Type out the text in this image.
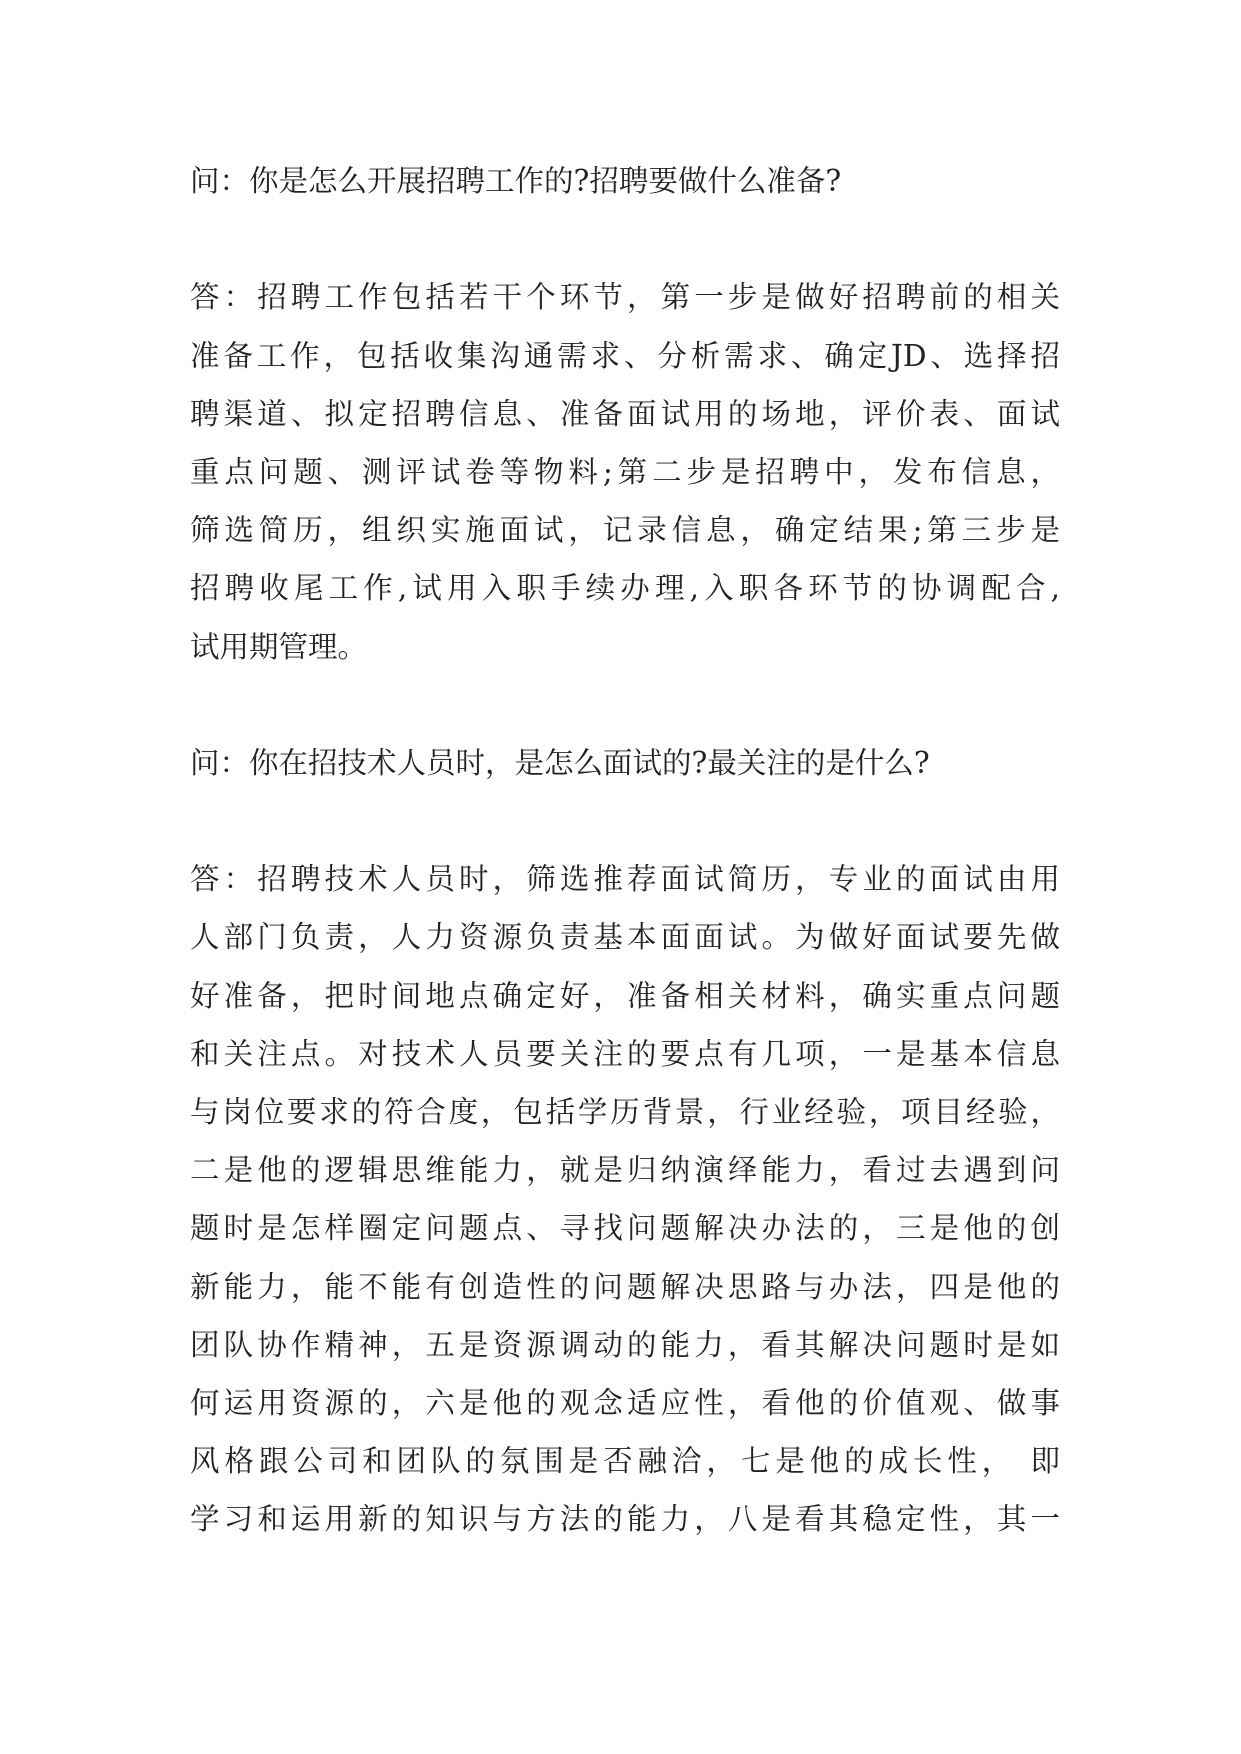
问：你是怎么开展招聘工作的?招聘要做什么准备?
答：招聘工作包括若干个环节，第一步是做好招聘前的相关
准备工作，包括收集沟通需求、分析需求、确定JD、选择招
聘渠道、拟定招聘信息、准备面试用的场地，评价表、面试
重点问题、测评试卷等物料;第二步是招聘中，发布信息，
筛选简历，组织实施面试，记录信息，确定结果;第三步是
招聘收尾工作,试用入职手续办理,入职各环节的协调配合,
试用期管理。
问：你在招技术人员时，是怎么面试的?最关注的是什么?
答：招聘技术人员时，筛选推荐面试简历，专业的面试由用
人部门负责，人力资源负责基本面面试。为做好面试要先做
好准备，把时间地点确定好，准备相关材料，确实重点问题
和关注点。对技术人员要关注的要点有几项，一是基本信息
与岗位要求的符合度，包括学历背景，行业经验，项目经验，
二是他的逻辑思维能力，就是归纳演绎能力，看过去遇到问
题时是怎样圈定问题点、寻找问题解决办法的，三是他的创
新能力，能不能有创造性的问题解决思路与办法，四是他的
团队协作精神，五是资源调动的能力，看其解决问题时是如
何运用资源的，六是他的观念适应性，看他的价值观、做事
风格跟公司和团队的氛围是否融洽，七是他的成长性， 即
学习和运用新的知识与方法的能力，八是看其稳定性，其一
